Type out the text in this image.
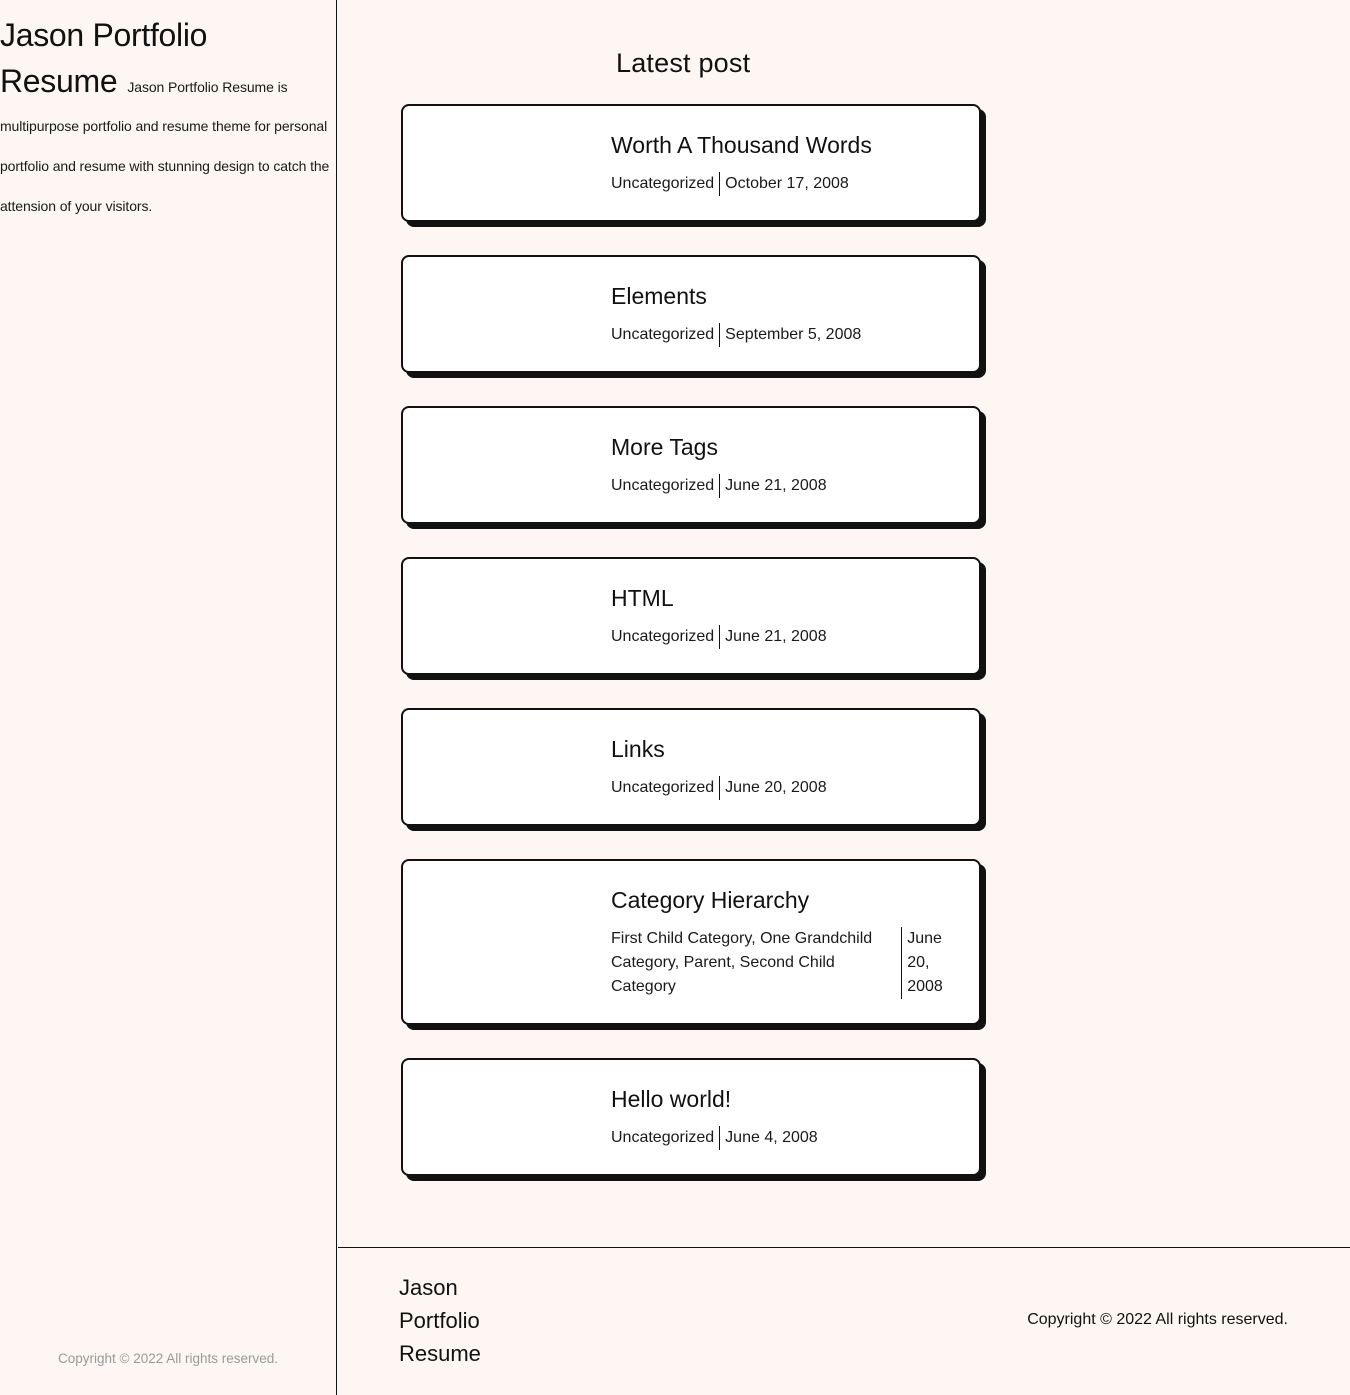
Jason Portfolio Resume Jason Portfolio Resume is multipurpose portfolio and resume theme for personal portfolio and resume with stunning design to catch the attension of your visitors.

Copyright © 2022 All rights reserved.
Latest post
Worth A Thousand Words
Uncategorized October 17, 2008
Elements
Uncategorized September 5, 2008
More Tags
Uncategorized June 21, 2008
HTML
Uncategorized June 21, 2008
Links
Uncategorized June 20, 2008
Category Hierarchy
First Child Category, One Grandchild Category, Parent, Second Child Category
June 20, 2008
Hello world!
Uncategorized June 4, 2008
Jason Portfolio Resume
Copyright © 2022 All rights reserved.
